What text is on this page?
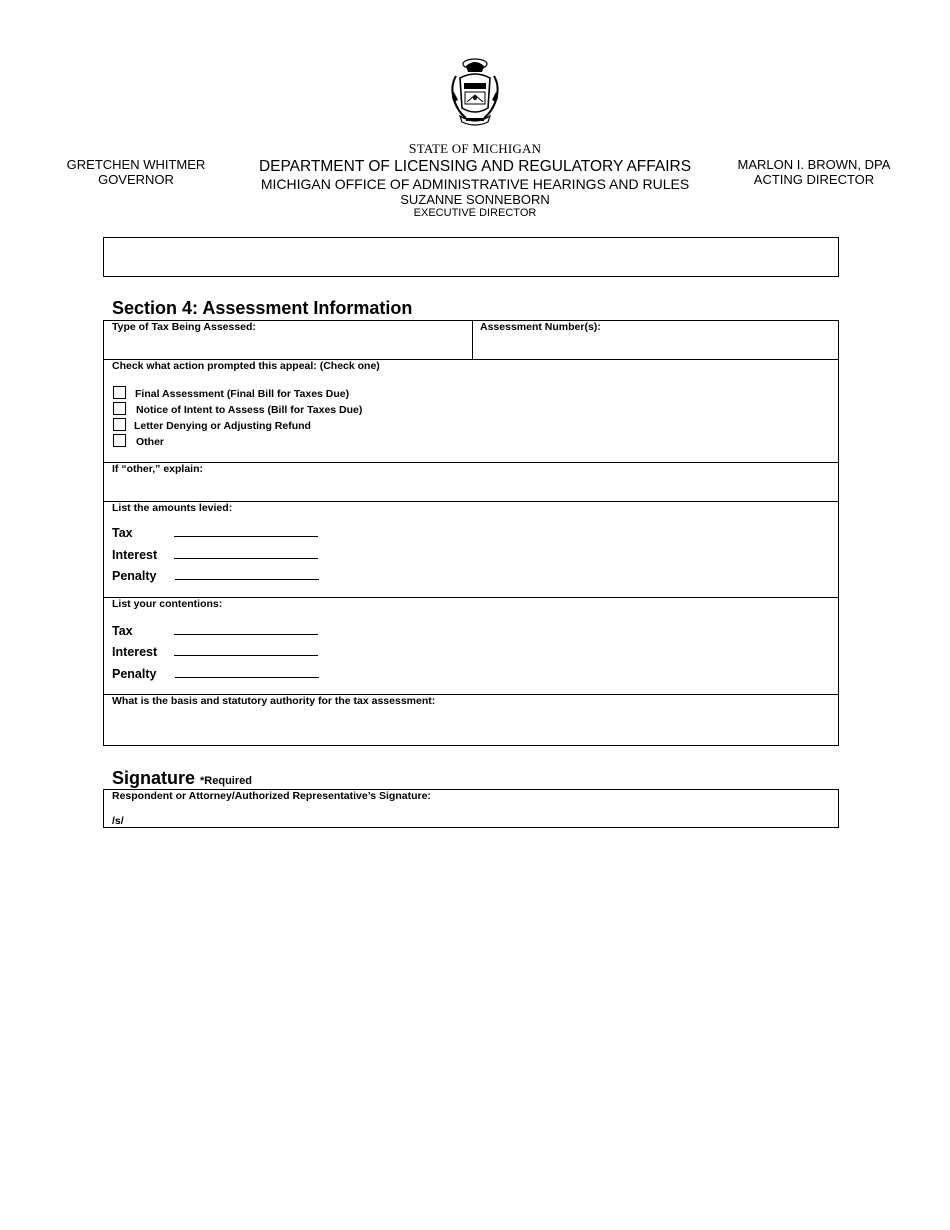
GRETCHEN WHITMER
GOVERNOR
STATE OF MICHIGAN
DEPARTMENT OF LICENSING AND REGULATORY AFFAIRS
MICHIGAN OFFICE OF ADMINISTRATIVE HEARINGS AND RULES
SUZANNE SONNEBORN
EXECUTIVE DIRECTOR
MARLON I. BROWN, DPA
ACTING DIRECTOR
Section 4: Assessment Information
Type of Tax Being Assessed:	Assessment Number(s):
Check what action prompted this appeal: (Check one)
Final Assessment (Final Bill for Taxes Due)
Notice of Intent to Assess (Bill for Taxes Due)
Letter Denying or Adjusting Refund
Other
If “other,” explain:
List the amounts levied:
Tax
Interest
Penalty
List your contentions:
Tax
Interest
Penalty
What is the basis and statutory authority for the tax assessment:
Signature *Required
Respondent or Attorney/Authorized Representative’s Signature:
/s/
